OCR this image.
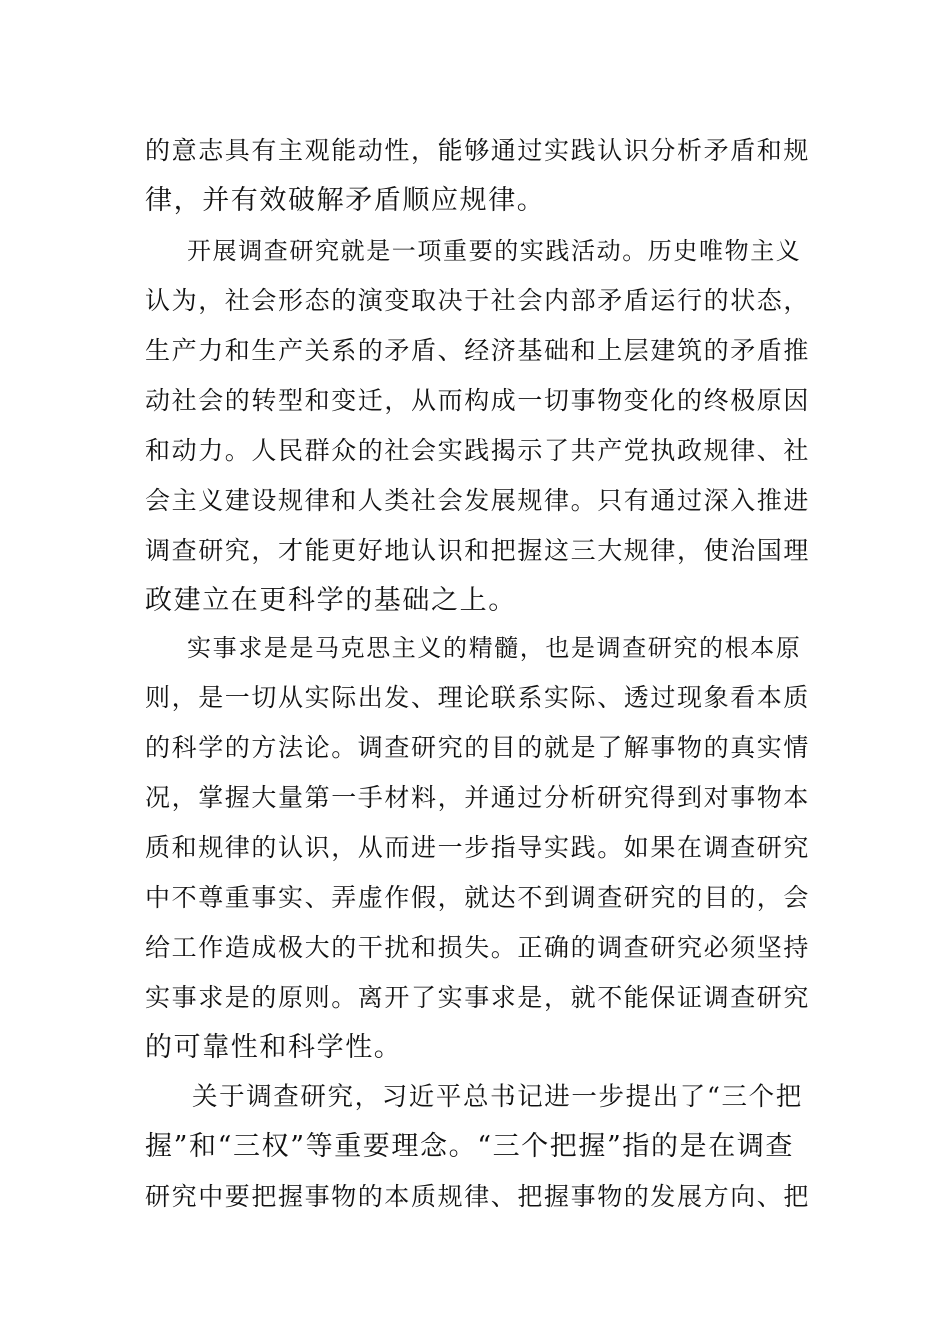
的意志具有主观能动性，能够通过实践认识分析矛盾和规
律，并有效破解矛盾顺应规律。
开展调查研究就是一项重要的实践活动。历史唯物主义
认为，社会形态的演变取决于社会内部矛盾运行的状态，
生产力和生产关系的矛盾、经济基础和上层建筑的矛盾推
动社会的转型和变迁，从而构成一切事物变化的终极原因
和动力。人民群众的社会实践揭示了共产党执政规律、社
会主义建设规律和人类社会发展规律。只有通过深入推进
调查研究，才能更好地认识和把握这三大规律，使治国理
政建立在更科学的基础之上。
实事求是是马克思主义的精髓，也是调查研究的根本原
则，是一切从实际出发、理论联系实际、透过现象看本质
的科学的方法论。调查研究的目的就是了解事物的真实情
况，掌握大量第一手材料，并通过分析研究得到对事物本
质和规律的认识，从而进一步指导实践。如果在调查研究
中不尊重事实、弄虚作假，就达不到调查研究的目的，会
给工作造成极大的干扰和损失。正确的调查研究必须坚持
实事求是的原则。离开了实事求是，就不能保证调查研究
的可靠性和科学性。
关于调查研究，习近平总书记进一步提出了“三个把
握”和“三权”等重要理念。“三个把握”指的是在调查
研究中要把握事物的本质规律、把握事物的发展方向、把
